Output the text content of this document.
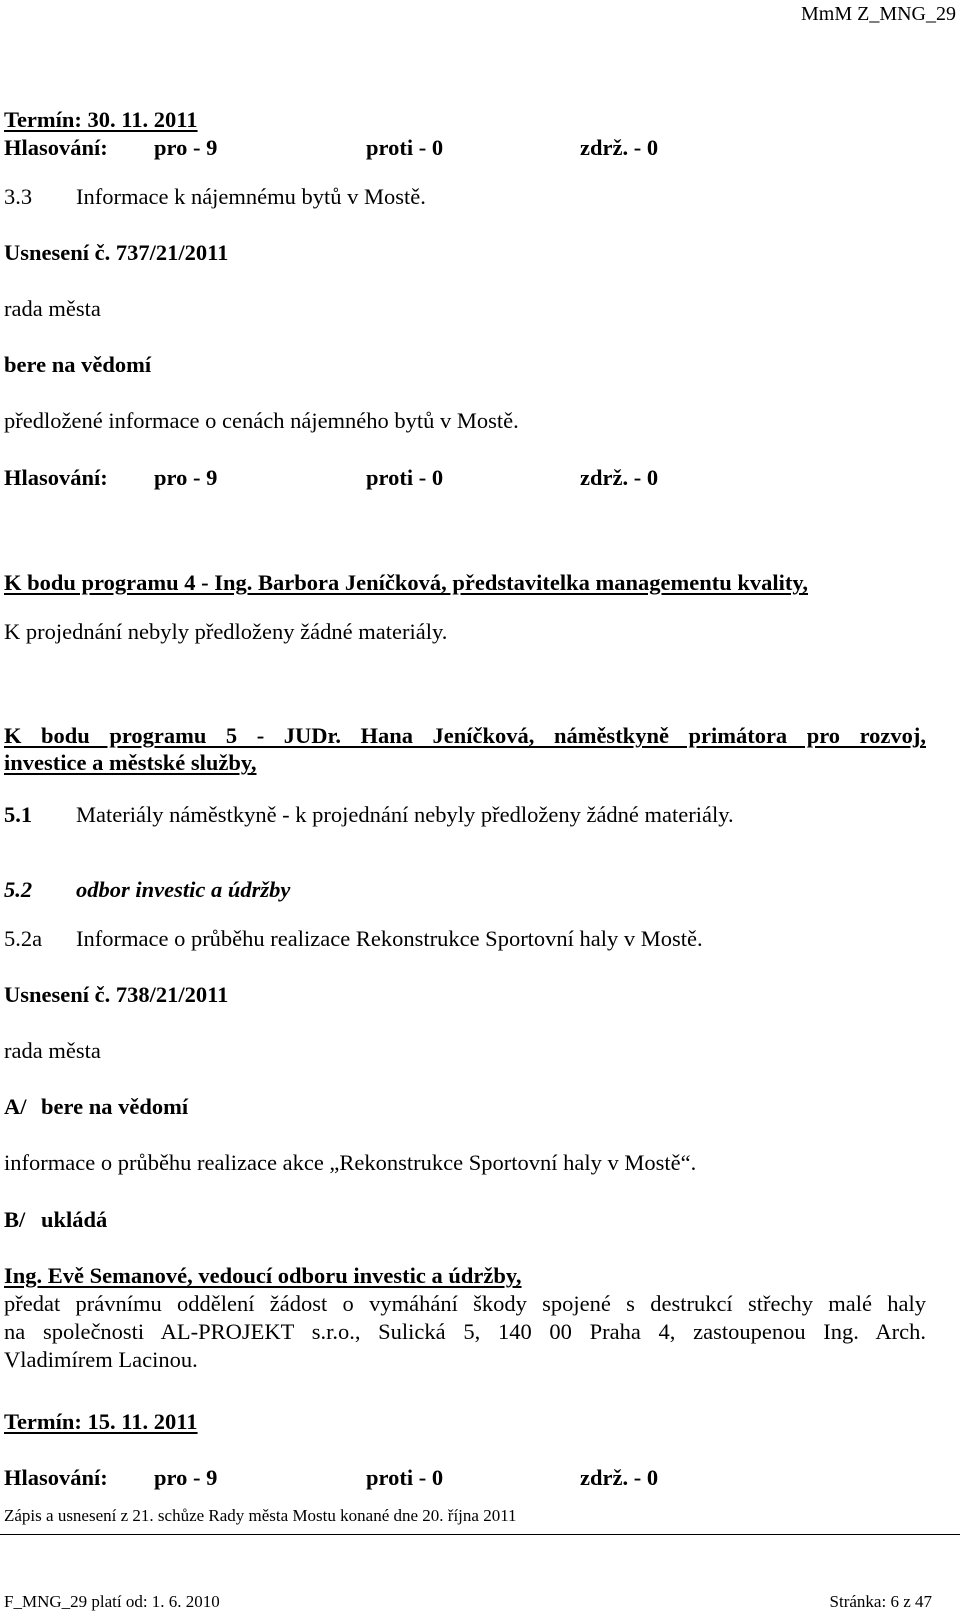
MmM Z_MNG_29
Termín: 30. 11. 2011
Hlasování: pro - 9	proti - 0	zdrž. - 0
3.3 Informace k nájemnému bytů v Mostě.
Usnesení č. 737/21/2011
rada města
bere na vědomí
předložené informace o cenách nájemného bytů v Mostě.
Hlasování: pro - 9	proti - 0	zdrž. - 0
K bodu programu 4 - Ing. Barbora Jeníčková, představitelka managementu kvality,
K projednání nebyly předloženy žádné materiály.
K bodu programu 5 - JUDr. Hana Jeníčková, náměstkyně primátora pro rozvoj,
investice a městské služby,
5.1 Materiály náměstkyně - k projednání nebyly předloženy žádné materiály.
5.2 odbor investic a údržby
5.2a Informace o průběhu realizace Rekonstrukce Sportovní haly v Mostě.
Usnesení č. 738/21/2011
rada města
A/ bere na vědomí
informace o průběhu realizace akce „Rekonstrukce Sportovní haly v Mostě“.
B/ ukládá
Ing. Evě Semanové, vedoucí odboru investic a údržby,
předat právnímu oddělení žádost o vymáhání škody spojené s destrukcí střechy malé haly
na společnosti AL-PROJEKT s.r.o., Sulická 5, 140 00 Praha 4, zastoupenou Ing. Arch.
Vladimírem Lacinou.
Termín: 15. 11. 2011
Hlasování: pro - 9	proti - 0	zdrž. - 0
Zápis a usnesení z 21. schůze Rady města Mostu konané dne 20. října 2011
F_MNG_29 platí od: 1. 6. 2010	Stránka: 6 z 47
